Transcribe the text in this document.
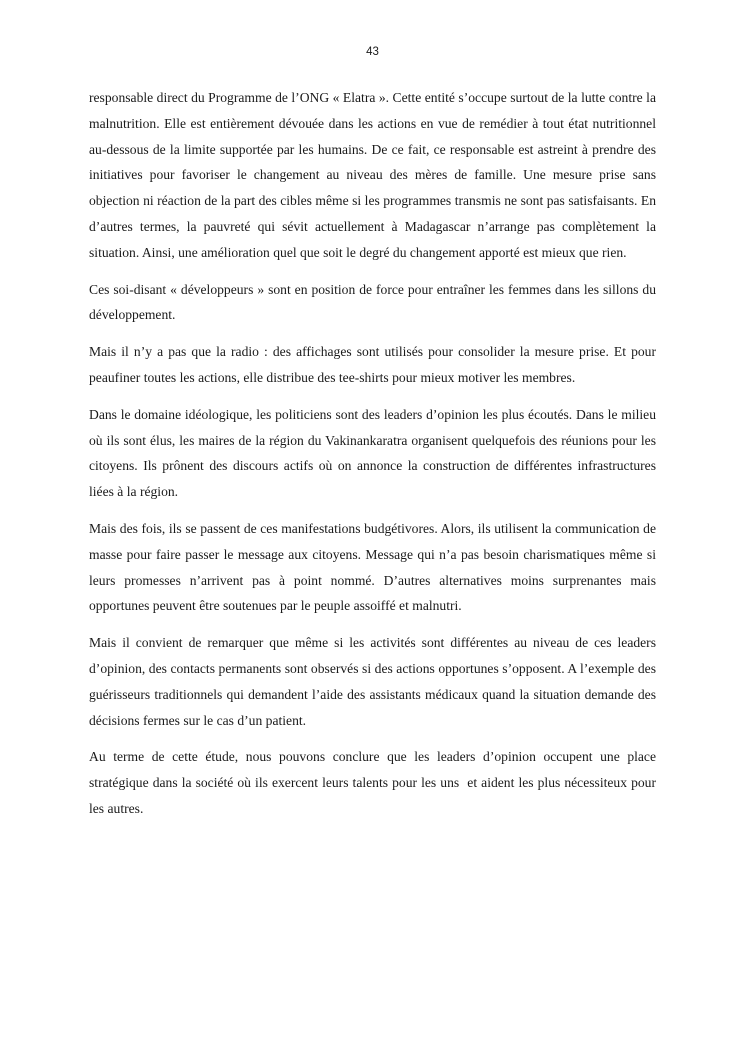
43

responsable direct du Programme de l’ONG « Elatra ». Cette entité s’occupe surtout de la lutte contre la malnutrition. Elle est entièrement dévouée dans les actions en vue de remédier à tout état nutritionnel au-dessous de la limite supportée par les humains. De ce fait, ce responsable est astreint à prendre des initiatives pour favoriser le changement au niveau des mères de famille. Une mesure prise sans objection ni réaction de la part des cibles même si les programmes transmis ne sont pas satisfaisants. En d’autres termes, la pauvreté qui sévit actuellement à Madagascar n’arrange pas complètement la situation. Ainsi, une amélioration quel que soit le degré du changement apporté est mieux que rien.

Ces soi-disant « développeurs » sont en position de force pour entraîner les femmes dans les sillons du développement.

Mais il n’y a pas que la radio : des affichages sont utilisés pour consolider la mesure prise. Et pour peaufiner toutes les actions, elle distribue des tee-shirts pour mieux motiver les membres.

Dans le domaine idéologique, les politiciens sont des leaders d’opinion les plus écoutés. Dans le milieu où ils sont élus, les maires de la région du Vakinankaratra organisent quelquefois des réunions pour les citoyens. Ils prônent des discours actifs où on annonce la construction de différentes infrastructures liées à la région.

Mais des fois, ils se passent de ces manifestations budgétivores. Alors, ils utilisent la communication de masse pour faire passer le message aux citoyens. Message qui n’a pas besoin charismatiques même si leurs promesses n’arrivent pas à point nommé. D’autres alternatives moins surprenantes mais opportunes peuvent être soutenues par le peuple assoiffé et malnutri.

Mais il convient de remarquer que même si les activités sont différentes au niveau de ces leaders d’opinion, des contacts permanents sont observés si des actions opportunes s’opposent. A l’exemple des guérisseurs traditionnels qui demandent l’aide des assistants médicaux quand la situation demande des décisions fermes sur le cas d’un patient.

Au terme de cette étude, nous pouvons conclure que les leaders d’opinion occupent une place stratégique dans la société où ils exercent leurs talents pour les uns  et aident les plus nécessiteux pour les autres.
